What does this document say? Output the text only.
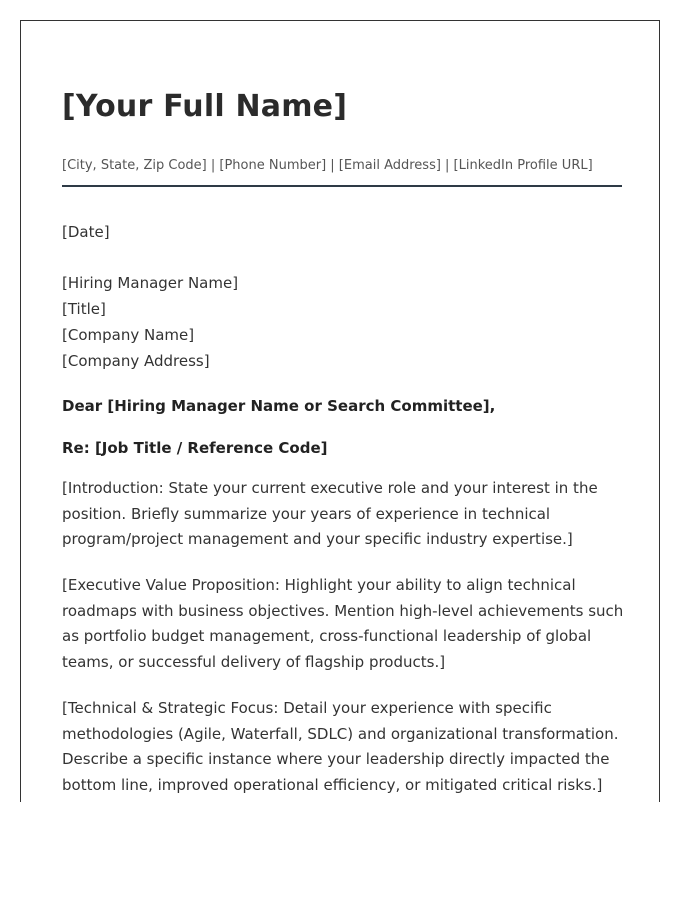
[Your Full Name]
[City, State, Zip Code] | [Phone Number] | [Email Address] | [LinkedIn Profile URL]
[Date]
[Hiring Manager Name]
[Title]
[Company Name]
[Company Address]
Dear [Hiring Manager Name or Search Committee],
Re: [Job Title / Reference Code]

[Introduction: State your current executive role and your interest in the position. Briefly summarize your years of experience in technical program/project management and your specific industry expertise.]

[Executive Value Proposition: Highlight your ability to align technical roadmaps with business objectives. Mention high-level achievements such as portfolio budget management, cross-functional leadership of global teams, or successful delivery of flagship products.]

[Technical & Strategic Focus: Detail your experience with specific methodologies (Agile, Waterfall, SDLC) and organizational transformation. Describe a specific instance where your leadership directly impacted the bottom line, improved operational efficiency, or mitigated critical risks.]
